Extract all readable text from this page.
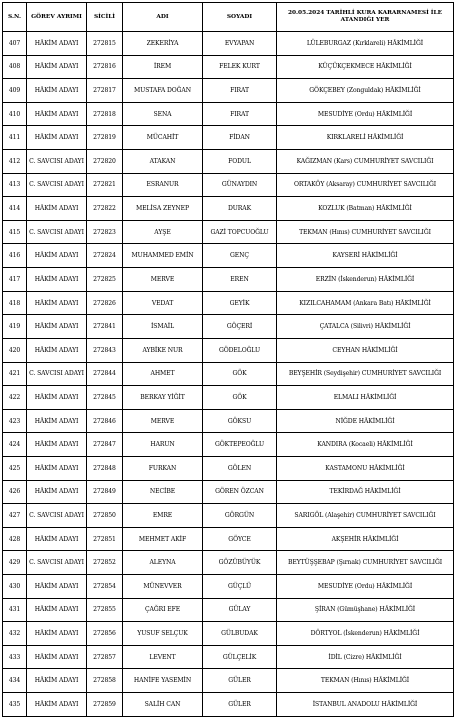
S.N.	GÖREV AYRIMI	SİCİLİ	ADI	SOYADI	20.05.2024 TARİHLİ KURA KARARNAMESİ İLE ATANDIĞI YER
407	HÂKİM ADAYI	272815	ZEKERİYA	EVYAPAN	LÜLEBURGAZ (Kırklareli) HÂKİMLİĞİ
408	HÂKİM ADAYI	272816	İREM	FELEK KURT	KÜÇÜKÇEKMECE HÂKİMLİĞİ
409	HÂKİM ADAYI	272817	MUSTAFA DOĞAN	FIRAT	GÖKÇEBEY (Zonguldak) HÂKİMLİĞİ
410	HÂKİM ADAYI	272818	SENA	FIRAT	MESUDİYE (Ordu) HÂKİMLİĞİ
411	HÂKİM ADAYI	272819	MÜCAHİT	FİDAN	KIRKLARELİ HÂKİMLİĞİ
412	C. SAVCISI ADAYI	272820	ATAKAN	FODUL	KAĞIZMAN (Kars) CUMHURİYET SAVCILIĞI
413	C. SAVCISI ADAYI	272821	ESRANUR	GÜNAYDIN	ORTAKÖY (Aksaray) CUMHURİYET SAVCILIĞI
414	HÂKİM ADAYI	272822	MELİSA ZEYNEP	DURAK	KOZLUK (Batman) HÂKİMLİĞİ
415	C. SAVCISI ADAYI	272823	AYŞE	GAZİ TOPCUOĞLU	TEKMAN (Hınıs) CUMHURİYET SAVCILIĞI
416	HÂKİM ADAYI	272824	MUHAMMED EMİN	GENÇ	KAYSERİ HÂKİMLİĞİ
417	HÂKİM ADAYI	272825	MERVE	EREN	ERZİN (İskenderun) HÂKİMLİĞİ
418	HÂKİM ADAYI	272826	VEDAT	GEYİK	KIZILCAHAMAM (Ankara Batı) HÂKİMLİĞİ
419	HÂKİM ADAYI	272841	İSMAİL	GÖÇERİ	ÇATALCA (Silivri) HÂKİMLİĞİ
420	HÂKİM ADAYI	272843	AYBİKE NUR	GÖDELOĞLU	CEYHAN HÂKİMLİĞİ
421	C. SAVCISI ADAYI	272844	AHMET	GÖK	BEYŞEHİR (Seydişehir) CUMHURİYET SAVCILIĞI
422	HÂKİM ADAYI	272845	BERKAY YİĞİT	GÖK	ELMALI HÂKİMLİĞİ
423	HÂKİM ADAYI	272846	MERVE	GÖKSU	NİĞDE HÂKİMLİĞİ
424	HÂKİM ADAYI	272847	HARUN	GÖKTEPEOĞLU	KANDIRA (Kocaeli) HÂKİMLİĞİ
425	HÂKİM ADAYI	272848	FURKAN	GÖLEN	KASTAMONU HÂKİMLİĞİ
426	HÂKİM ADAYI	272849	NECİBE	GÖREN ÖZCAN	TEKİRDAĞ HÂKİMLİĞİ
427	C. SAVCISI ADAYI	272850	EMRE	GÖRGÜN	SARIGÖL (Alaşehir) CUMHURİYET SAVCILIĞI
428	HÂKİM ADAYI	272851	MEHMET AKİF	GÖYCE	AKŞEHİR HÂKİMLİĞİ
429	C. SAVCISI ADAYI	272852	ALEYNA	GÖZÜBÜYÜK	BEYTÜŞŞEBAP (Şırnak) CUMHURİYET SAVCILIĞI
430	HÂKİM ADAYI	272854	MÜNEVVER	GÜÇLÜ	MESUDİYE (Ordu) HÂKİMLİĞİ
431	HÂKİM ADAYI	272855	ÇAĞRI EFE	GÜLAY	ŞİRAN (Gümüşhane) HÂKİMLİĞİ
432	HÂKİM ADAYI	272856	YUSUF SELÇUK	GÜLBUDAK	DÖRTYOL (İskenderun) HÂKİMLİĞİ
433	HÂKİM ADAYI	272857	LEVENT	GÜLÇELİK	İDİL (Cizre) HÂKİMLİĞİ
434	HÂKİM ADAYI	272858	HANİFE YASEMİN	GÜLER	TEKMAN (Hınıs) HÂKİMLİĞİ
435	HÂKİM ADAYI	272859	SALİH CAN	GÜLER	İSTANBUL ANADOLU HÂKİMLİĞİ
